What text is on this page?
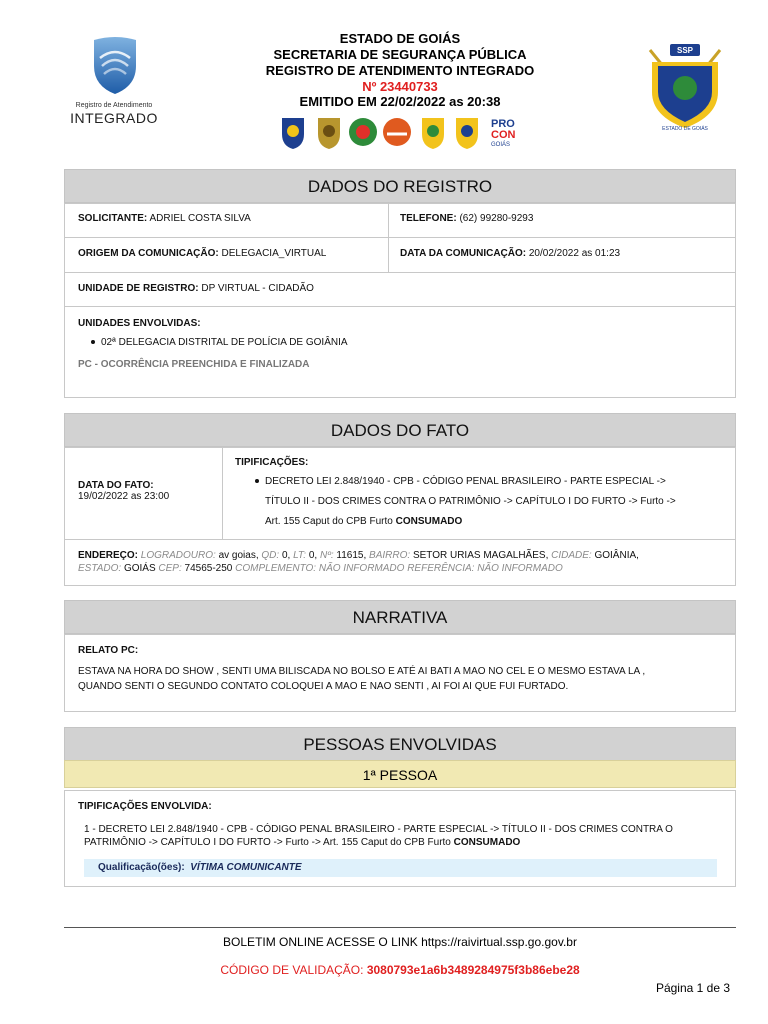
Registro de Atendimento
INTEGRADO
ESTADO DE GOIÁS
SECRETARIA DE SEGURANÇA PÚBLICA
REGISTRO DE ATENDIMENTO INTEGRADO
Nº 23440733
EMITIDO EM 22/02/2022 as 20:38
PRO
CON
GOIÁS
SSP
ESTADO DE GOIÁS
DADOS DO REGISTRO
SOLICITANTE: ADRIEL COSTA SILVA	TELEFONE: (62) 99280-9293
ORIGEM DA COMUNICAÇÃO: DELEGACIA_VIRTUAL	DATA DA COMUNICAÇÃO: 20/02/2022 as 01:23
UNIDADE DE REGISTRO: DP VIRTUAL - CIDADÃO
UNIDADES ENVOLVIDAS:
02ª DELEGACIA DISTRITAL DE POLÍCIA DE GOIÂNIA
PC - OCORRÊNCIA PREENCHIDA E FINALIZADA
DADOS DO FATO
DATA DO FATO:
19/02/2022 as 23:00
TIPIFICAÇÕES:
DECRETO LEI 2.848/1940 - CPB - CÓDIGO PENAL BRASILEIRO - PARTE ESPECIAL ->
TÍTULO II - DOS CRIMES CONTRA O PATRIMÔNIO -> CAPÍTULO I DO FURTO -> Furto ->
Art. 155 Caput do CPB Furto CONSUMADO
ENDEREÇO: LOGRADOURO: av goias, QD: 0, LT: 0, Nº: 11615, BAIRRO: SETOR URIAS MAGALHÃES, CIDADE: GOIÂNIA,
ESTADO: GOIÁS CEP: 74565-250 COMPLEMENTO: NÃO INFORMADO REFERÊNCIA: NÃO INFORMADO
NARRATIVA
RELATO PC:
ESTAVA NA HORA DO SHOW , SENTI UMA BILISCADA NO BOLSO E ATÉ AI BATI A MAO NO CEL E O MESMO ESTAVA LA ,
QUANDO SENTI O SEGUNDO CONTATO COLOQUEI A MAO E NAO SENTI , AI FOI AI QUE FUI FURTADO.
PESSOAS ENVOLVIDAS
1ª PESSOA
TIPIFICAÇÕES ENVOLVIDA:
1 - DECRETO LEI 2.848/1940 - CPB - CÓDIGO PENAL BRASILEIRO - PARTE ESPECIAL -> TÍTULO II - DOS CRIMES CONTRA O
PATRIMÔNIO -> CAPÍTULO I DO FURTO -> Furto -> Art. 155 Caput do CPB Furto CONSUMADO
Qualificação(ões): VÍTIMA COMUNICANTE
BOLETIM ONLINE ACESSE O LINK https://raivirtual.ssp.go.gov.br
CÓDIGO DE VALIDAÇÃO: 3080793e1a6b3489284975f3b86ebe28
Página 1 de 3
